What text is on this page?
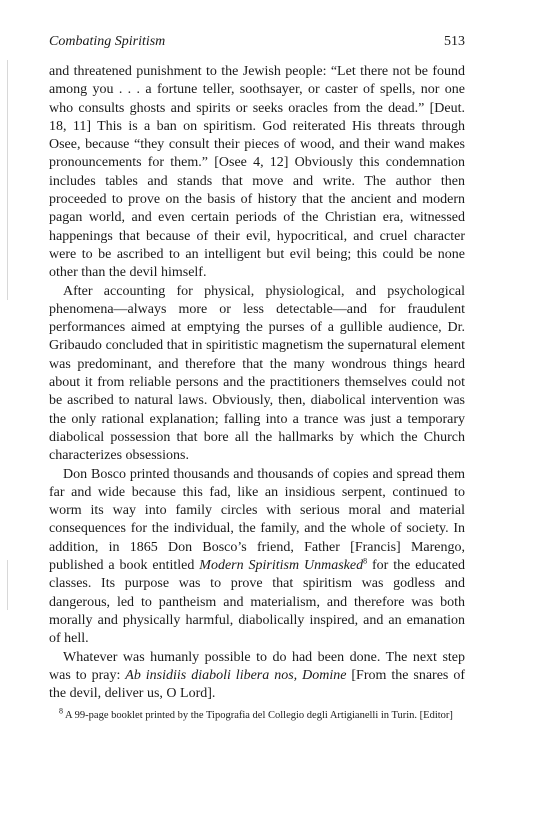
Combating Spiritism	513

and threatened punishment to the Jewish people: “Let there not be found among you . . . a fortune teller, soothsayer, or caster of spells, nor one who consults ghosts and spirits or seeks oracles from the dead.” [Deut. 18, 11] This is a ban on spiritism. God reiterated His threats through Osee, because “they consult their pieces of wood, and their wand makes pronouncements for them.” [Osee 4, 12] Obviously this condemnation includes tables and stands that move and write. The author then proceeded to prove on the basis of history that the ancient and modern pagan world, and even certain periods of the Christian era, witnessed happenings that because of their evil, hypocritical, and cruel character were to be ascribed to an intelligent but evil being; this could be none other than the devil himself.

After accounting for physical, physiological, and psychological phenomena—always more or less detectable—and for fraudulent performances aimed at emptying the purses of a gullible audience, Dr. Gribaudo concluded that in spiritistic magnetism the supernatural element was predominant, and therefore that the many wondrous things heard about it from reliable persons and the practitioners themselves could not be ascribed to natural laws. Obviously, then, diabolical intervention was the only rational explanation; falling into a trance was just a temporary diabolical possession that bore all the hallmarks by which the Church characterizes obsessions.

Don Bosco printed thousands and thousands of copies and spread them far and wide because this fad, like an insidious serpent, continued to worm its way into family circles with serious moral and material consequences for the individual, the family, and the whole of society. In addition, in 1865 Don Bosco’s friend, Father [Francis] Marengo, published a book entitled Modern Spiritism Unmasked$^8$ for the educated classes. Its purpose was to prove that spiritism was godless and dangerous, led to pantheism and materialism, and therefore was both morally and physically harmful, diabolically inspired, and an emanation of hell.

Whatever was humanly possible to do had been done. The next step was to pray: Ab insidiis diaboli libera nos, Domine [From the snares of the devil, deliver us, O Lord].

$^8$ A 99-page booklet printed by the Tipografia del Collegio degli Artigianelli in Turin. [Editor]
